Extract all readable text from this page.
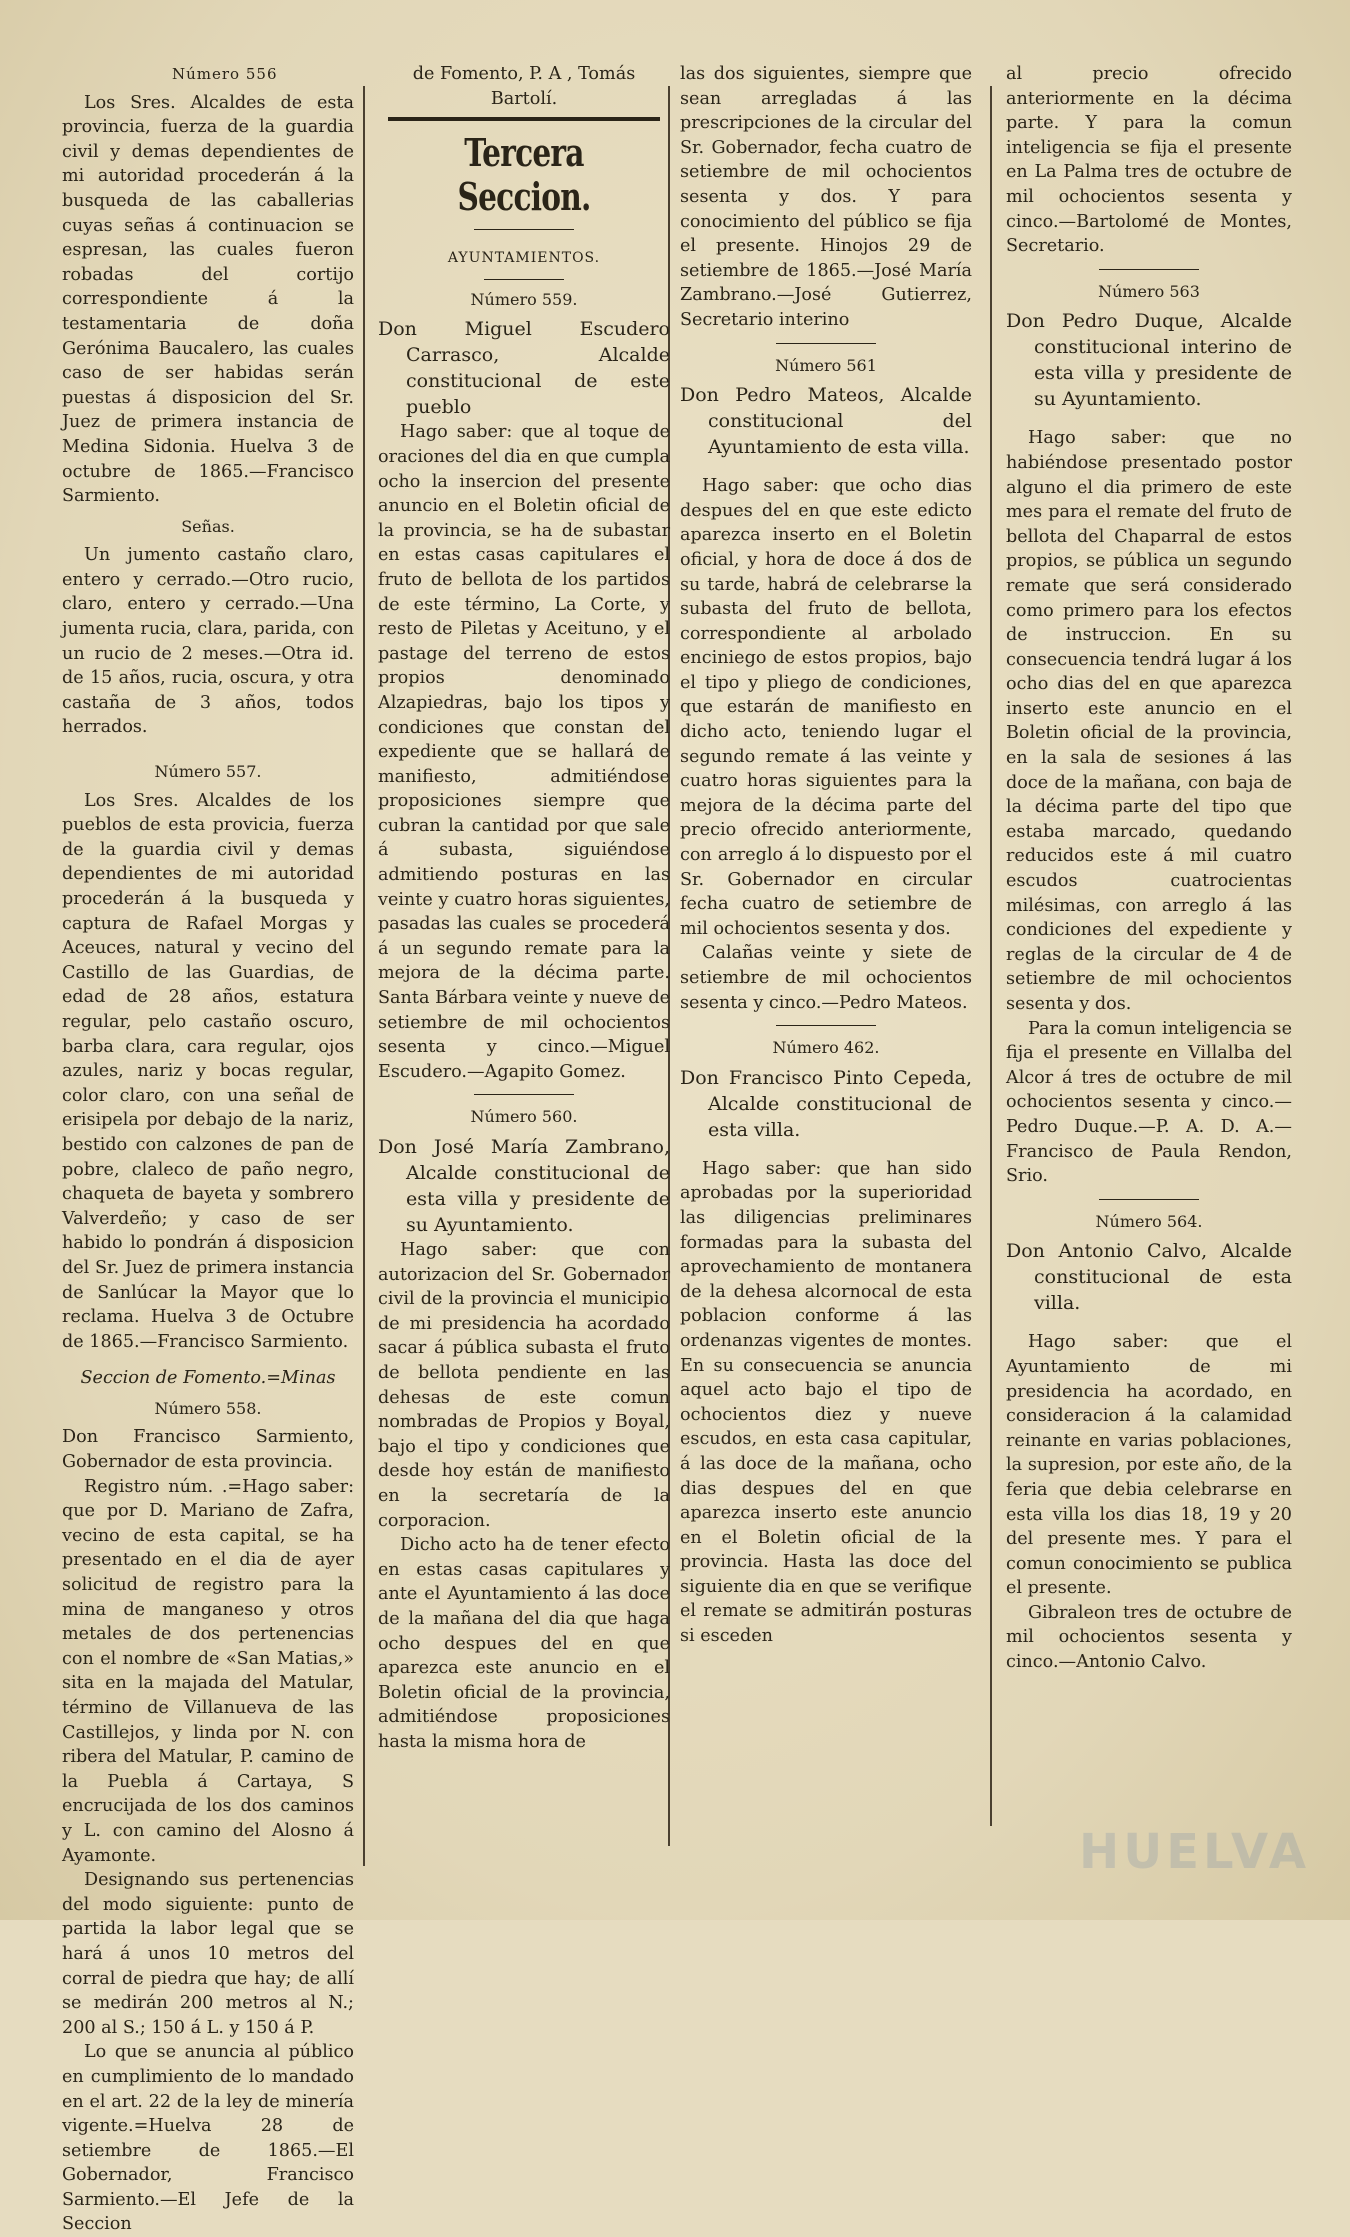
Número 556

Los Sres. Alcaldes de esta provincia, fuerza de la guardia civil y demas dependientes de mi autoridad procederán á la busqueda de las caballerias cuyas señas á continuacion se espresan, las cuales fueron robadas del cortijo correspondiente á la testamentaria de doña Gerónima Baucalero, las cuales caso de ser habidas serán puestas á disposicion del Sr. Juez de primera instancia de Medina Sidonia. Huelva 3 de octubre de 1865.—Francisco Sarmiento.

Señas.

Un jumento castaño claro, entero y cerrado.—Otro rucio, claro, entero y cerrado.—Una jumenta rucia, clara, parida, con un rucio de 2 meses.—Otra id. de 15 años, rucia, oscura, y otra castaña de 3 años, todos herrados.

Número 557.

Los Sres. Alcaldes de los pueblos de esta provicia, fuerza de la guardia civil y demas dependientes de mi autoridad procederán á la busqueda y captura de Rafael Morgas y Aceuces, natural y vecino del Castillo de las Guardias, de edad de 28 años, estatura regular, pelo castaño oscuro, barba clara, cara regular, ojos azules, nariz y bocas regular, color claro, con una señal de erisipela por debajo de la nariz, bestido con calzones de pan de pobre, claleco de paño negro, chaqueta de bayeta y sombrero Valverdeño; y caso de ser habido lo pondrán á disposicion del Sr. Juez de primera instancia de Sanlúcar la Mayor que lo reclama. Huelva 3 de Octubre de 1865.—Francisco Sarmiento.

Seccion de Fomento.=Minas
Número 558.

Don Francisco Sarmiento, Gobernador de esta provincia.

Registro núm. .=Hago saber: que por D. Mariano de Zafra, vecino de esta capital, se ha presentado en el dia de ayer solicitud de registro para la mina de manganeso y otros metales de dos pertenencias con el nombre de «San Matias,» sita en la majada del Matular, término de Villanueva de las Castillejos, y linda por N. con ribera del Matular, P. camino de la Puebla á Cartaya, S encrucijada de los dos caminos y L. con camino del Alosno á Ayamonte.

Designando sus pertenencias del modo siguiente: punto de partida la labor legal que se hará á unos 10 metros del corral de piedra que hay; de allí se medirán 200 metros al N.; 200 al S.; 150 á L. y 150 á P.

Lo que se anuncia al público en cumplimiento de lo mandado en el art. 22 de la ley de minería vigente.=Huelva 28 de setiembre de 1865.—El Gobernador, Francisco Sarmiento.—El Jefe de la Seccion

de Fomento, P. A , Tomás Bartolí.
Tercera Seccion.
AYUNTAMIENTOS.
Número 559.

Don Miguel Escudero Carrasco, Alcalde constitucional de este pueblo

Hago saber: que al toque de oraciones del dia en que cumpla ocho la insercion del presente anuncio en el Boletin oficial de la provincia, se ha de subastar en estas casas capitulares el fruto de bellota de los partidos de este término, La Corte, y resto de Piletas y Aceituno, y el pastage del terreno de estos propios denominado Alzapiedras, bajo los tipos y condiciones que constan del expediente que se hallará de manifiesto, admitiéndose proposiciones siempre que cubran la cantidad por que sale á subasta, siguiéndose admitiendo posturas en las veinte y cuatro horas siguientes, pasadas las cuales se procederá á un segundo remate para la mejora de la décima parte. Santa Bárbara veinte y nueve de setiembre de mil ochocientos sesenta y cinco.—Miguel Escudero.—Agapito Gomez.

Número 560.

Don José María Zambrano, Alcalde constitucional de esta villa y presidente de su Ayuntamiento.

Hago saber: que con autorizacion del Sr. Gobernador civil de la provincia el municipio de mi presidencia ha acordado sacar á pública subasta el fruto de bellota pendiente en las dehesas de este comun nombradas de Propios y Boyal, bajo el tipo y condiciones que desde hoy están de manifiesto en la secretaría de la corporacion.

Dicho acto ha de tener efecto en estas casas capitulares y ante el Ayuntamiento á las doce de la mañana del dia que haga ocho despues del en que aparezca este anuncio en el Boletin oficial de la provincia, admitiéndose proposiciones hasta la misma hora de

las dos siguientes, siempre que sean arregladas á las prescripciones de la circular del Sr. Gobernador, fecha cuatro de setiembre de mil ochocientos sesenta y dos. Y para conocimiento del público se fija el presente. Hinojos 29 de setiembre de 1865.—José María Zambrano.—José Gutierrez, Secretario interino

Número 561

Don Pedro Mateos, Alcalde constitucional del Ayuntamiento de esta villa.

Hago saber: que ocho dias despues del en que este edicto aparezca inserto en el Boletin oficial, y hora de doce á dos de su tarde, habrá de celebrarse la subasta del fruto de bellota, correspondiente al arbolado enciniego de estos propios, bajo el tipo y pliego de condiciones, que estarán de manifiesto en dicho acto, teniendo lugar el segundo remate á las veinte y cuatro horas siguientes para la mejora de la décima parte del precio ofrecido anteriormente, con arreglo á lo dispuesto por el Sr. Gobernador en circular fecha cuatro de setiembre de mil ochocientos sesenta y dos.

Calañas veinte y siete de setiembre de mil ochocientos sesenta y cinco.—Pedro Mateos.

Número 462.

Don Francisco Pinto Cepeda, Alcalde constitucional de esta villa.

Hago saber: que han sido aprobadas por la superioridad las diligencias preliminares formadas para la subasta del aprovechamiento de montanera de la dehesa alcornocal de esta poblacion conforme á las ordenanzas vigentes de montes. En su consecuencia se anuncia aquel acto bajo el tipo de ochocientos diez y nueve escudos, en esta casa capitular, á las doce de la mañana, ocho dias despues del en que aparezca inserto este anuncio en el Boletin oficial de la provincia. Hasta las doce del siguiente dia en que se verifique el remate se admitirán posturas si esceden

al precio ofrecido anteriormente en la décima parte. Y para la comun inteligencia se fija el presente en La Palma tres de octubre de mil ochocientos sesenta y cinco.—Bartolomé de Montes, Secretario.

Número 563

Don Pedro Duque, Alcalde constitucional interino de esta villa y presidente de su Ayuntamiento.

Hago saber: que no habiéndose presentado postor alguno el dia primero de este mes para el remate del fruto de bellota del Chaparral de estos propios, se pública un segundo remate que será considerado como primero para los efectos de instruccion. En su consecuencia tendrá lugar á los ocho dias del en que aparezca inserto este anuncio en el Boletin oficial de la provincia, en la sala de sesiones á las doce de la mañana, con baja de la décima parte del tipo que estaba marcado, quedando reducidos este á mil cuatro escudos cuatrocientas milésimas, con arreglo á las condiciones del expediente y reglas de la circular de 4 de setiembre de mil ochocientos sesenta y dos.

Para la comun inteligencia se fija el presente en Villalba del Alcor á tres de octubre de mil ochocientos sesenta y cinco.—Pedro Duque.—P. A. D. A.—Francisco de Paula Rendon, Srio.

Número 564.

Don Antonio Calvo, Alcalde constitucional de esta villa.

Hago saber: que el Ayuntamiento de mi presidencia ha acordado, en consideracion á la calamidad reinante en varias poblaciones, la supresion, por este año, de la feria que debia celebrarse en esta villa los dias 18, 19 y 20 del presente mes. Y para el comun conocimiento se publica el presente.

Gibraleon tres de octubre de mil ochocientos sesenta y cinco.—Antonio Calvo.

HUELVA
